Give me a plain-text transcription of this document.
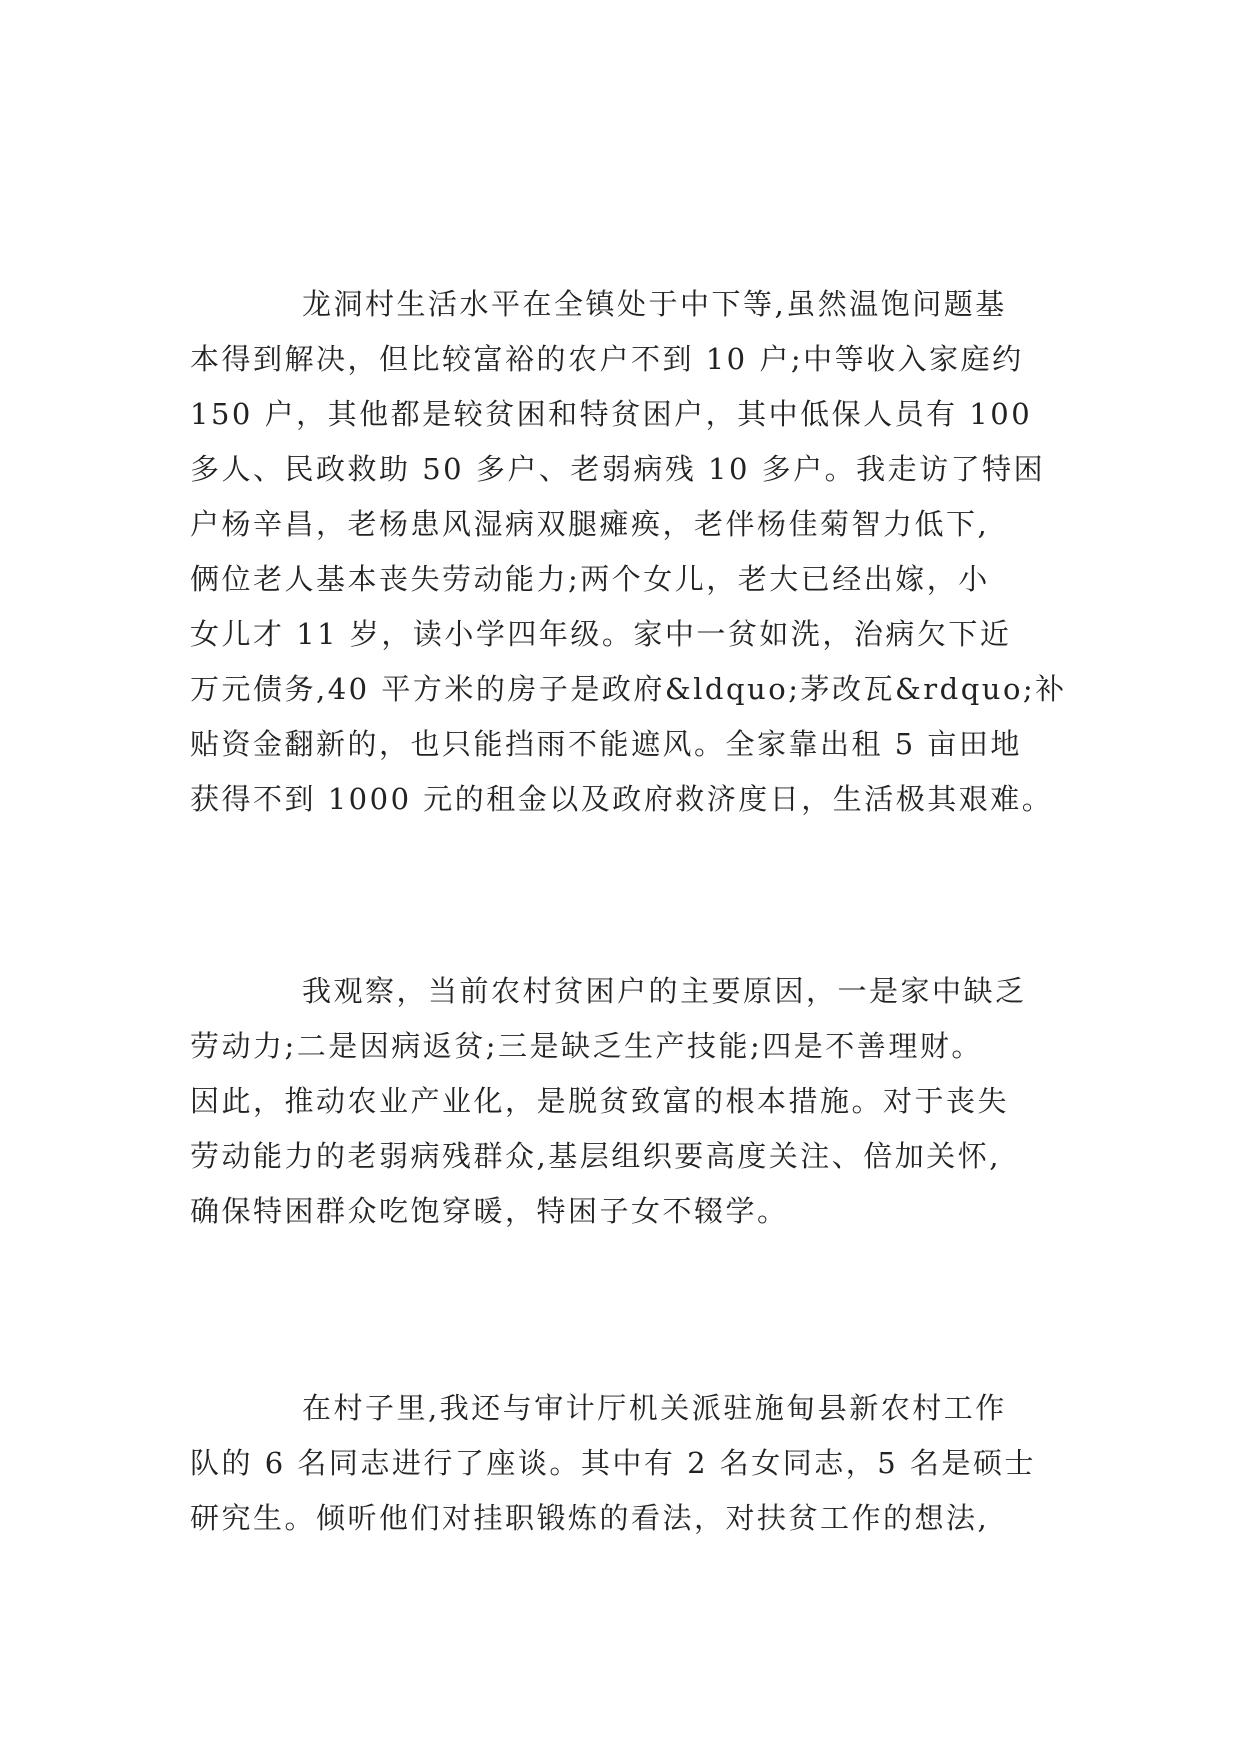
龙洞村生活水平在全镇处于中下等,虽然温饱问题基
本得到解决，但比较富裕的农户不到 10 户;中等收入家庭约
150 户，其他都是较贫困和特贫困户，其中低保人员有 100
多人、民政救助 50 多户、老弱病残 10 多户。我走访了特困
户杨辛昌，老杨患风湿病双腿瘫痪，老伴杨佳菊智力低下,
俩位老人基本丧失劳动能力;两个女儿，老大已经出嫁，小
女儿才 11 岁，读小学四年级。家中一贫如洗，治病欠下近
万元债务,40 平方米的房子是政府&ldquo;茅改瓦&rdquo;补
贴资金翻新的，也只能挡雨不能遮风。全家靠出租 5 亩田地
获得不到 1000 元的租金以及政府救济度日，生活极其艰难。
我观察，当前农村贫困户的主要原因，一是家中缺乏
劳动力;二是因病返贫;三是缺乏生产技能;四是不善理财。
因此，推动农业产业化，是脱贫致富的根本措施。对于丧失
劳动能力的老弱病残群众,基层组织要高度关注、倍加关怀,
确保特困群众吃饱穿暖，特困子女不辍学。
在村子里,我还与审计厅机关派驻施甸县新农村工作
队的 6 名同志进行了座谈。其中有 2 名女同志，5 名是硕士
研究生。倾听他们对挂职锻炼的看法，对扶贫工作的想法,
